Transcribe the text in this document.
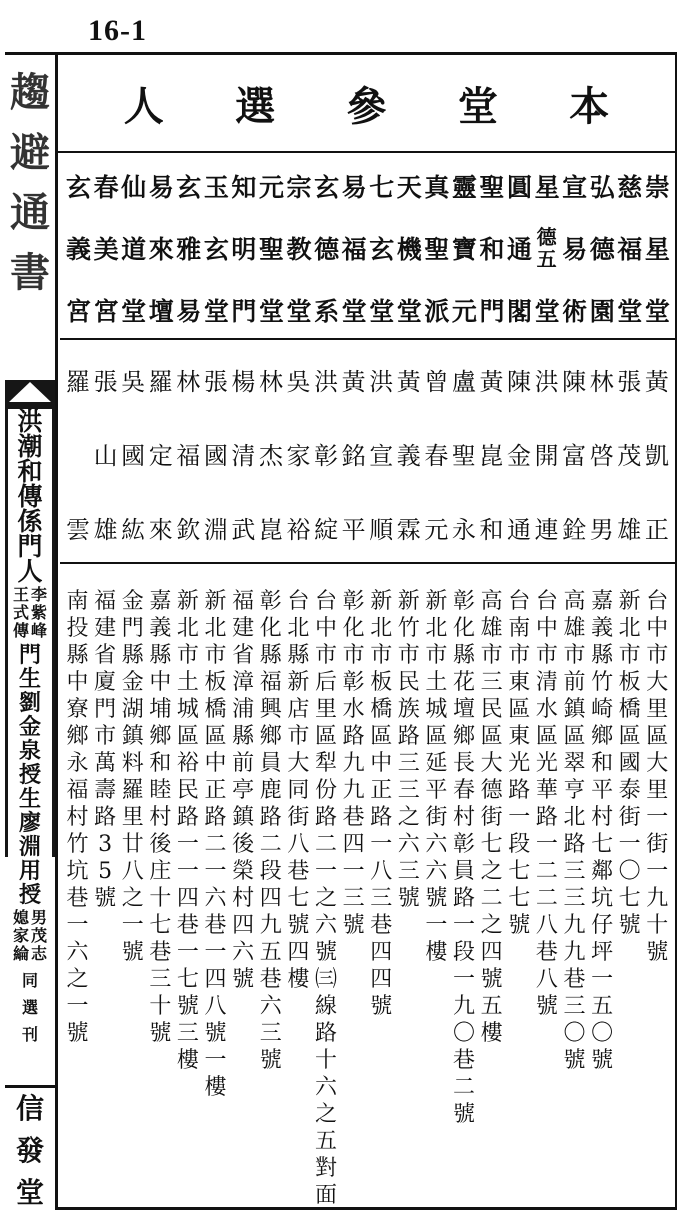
16-1
趨
避
通
書
洪
潮
和
傳
係
門
人
王
式
傳
李
紫
峰
門
生
劉
金
泉
授
生
廖
淵
用
授
媳
家
綸
男
茂
志
同
選
刊
信
發
堂
人 選 參 堂 本
崇
慈
弘
宣
星
圓
聖
靈
真
天
七
易
玄
宗
元
知
玉
玄
易
仙
春
玄
星
福
德
易
德
五
通
和
寶
聖
機
玄
福
德
教
聖
明
玄
雅
來
道
美
義
堂
堂
園
術
堂
閣
門
元
派
堂
堂
堂
系
堂
堂
門
堂
易
壇
堂
宮
宮
黃
張
林
陳
洪
陳
黃
盧
曾
黃
洪
黃
洪
吳
林
楊
張
林
羅
吳
張
羅
凱
茂
啓
富
開
金
崑
聖
春
義
宣
銘
彰
家
杰
清
國
福
定
國
山
正
雄
男
銓
連
通
和
永
元
霖
順
平
綻
裕
崑
武
淵
欽
來
紘
雄
雲
台中市大里區大里一街一九十號
新北市板橋區國泰街一〇七號
嘉義縣竹崎鄉和平村七鄰坑仔坪一五〇號
高雄市前鎮區翠亨北路三三九九巷三〇號
台中市清水區光華路一二二八巷八號
台南市東區東光路一段七七號
高雄市三民區大德街七之二之四號五樓
彰化縣花壇鄉長春村彰員路一段一九〇巷二號
新北市土城區延平街六六號一樓
新竹市民族路三三之六三號
新北市板橋區中正路一八三巷四四號
彰化市彰水路九九巷四一三號
台中市后里區犁份路二一之六號㈢線路十六之五對面
台北縣新店市大同街八巷七號四樓
彰化縣福興鄉員鹿路二段四九五巷六三號
福建省漳浦縣前亭鎮後榮村四六號
新北市板橋區中正路二一六巷一四八號一樓
新北市土城區裕民路一一四巷一七號三樓
嘉義縣中埔鄉和睦村後庄十七巷三十號
金門縣金湖鎮料羅里廿八之一號
福建省廈門市萬壽路35號
南投縣中寮鄉永福村竹坑巷一六之一號
